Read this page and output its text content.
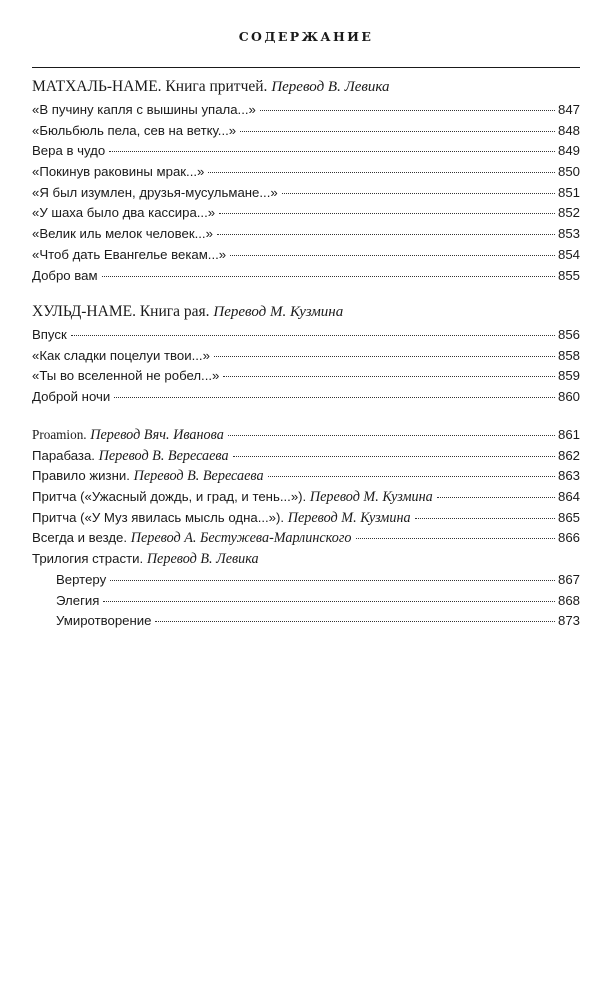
СОДЕРЖАНИЕ
МАТХАЛЬ-НАМЕ. Книга притчей. Перевод В. Левика
«В пучину капля с вышины упала...»	847
«Бюльбюль пела, сев на ветку...»	848
Вера в чудо	849
«Покинув раковины мрак...»	850
«Я был изумлен, друзья-мусульмане...»	851
«У шаха было два кассира...»	852
«Велик иль мелок человек...»	853
«Чтоб дать Евангелье векам...»	854
Добро вам	855
ХУЛЬД-НАМЕ. Книга рая. Перевод М. Кузмина
Впуск	856
«Как сладки поцелуи твои...»	858
«Ты во вселенной не робел...»	859
Доброй ночи	860
Proamion. Перевод Вяч. Иванова	861
Парабаза. Перевод В. Вересаева	862
Правило жизни. Перевод В. Вересаева	863
Притча («Ужасный дождь, и град, и тень...»). Перевод М. Кузмина	864
Притча («У Муз явилась мысль одна...»). Перевод М. Кузмина	865
Всегда и везде. Перевод А. Бестужева-Марлинского	866
Трилогия страсти. Перевод В. Левика
Вертеру	867
Элегия	868
Умиротворение	873
